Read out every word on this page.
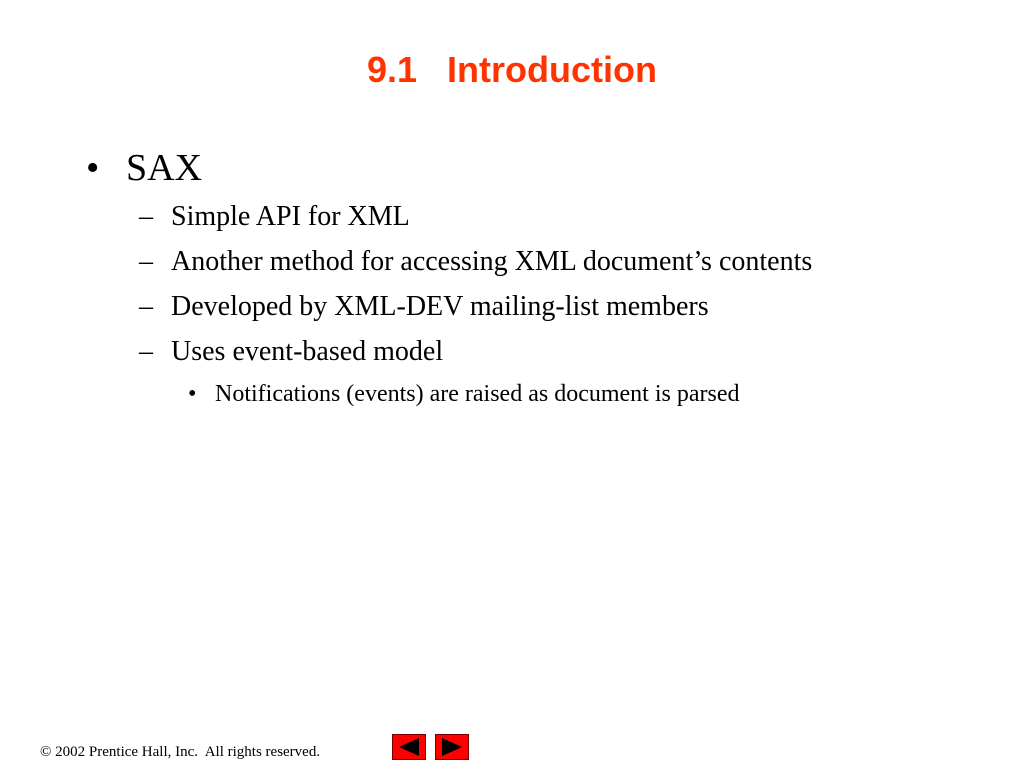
9.1   Introduction
• SAX
– Simple API for XML
– Another method for accessing XML document’s contents
– Developed by XML-DEV mailing-list members
– Uses event-based model
• Notifications (events) are raised as document is parsed
© 2002 Prentice Hall, Inc.  All rights reserved.
